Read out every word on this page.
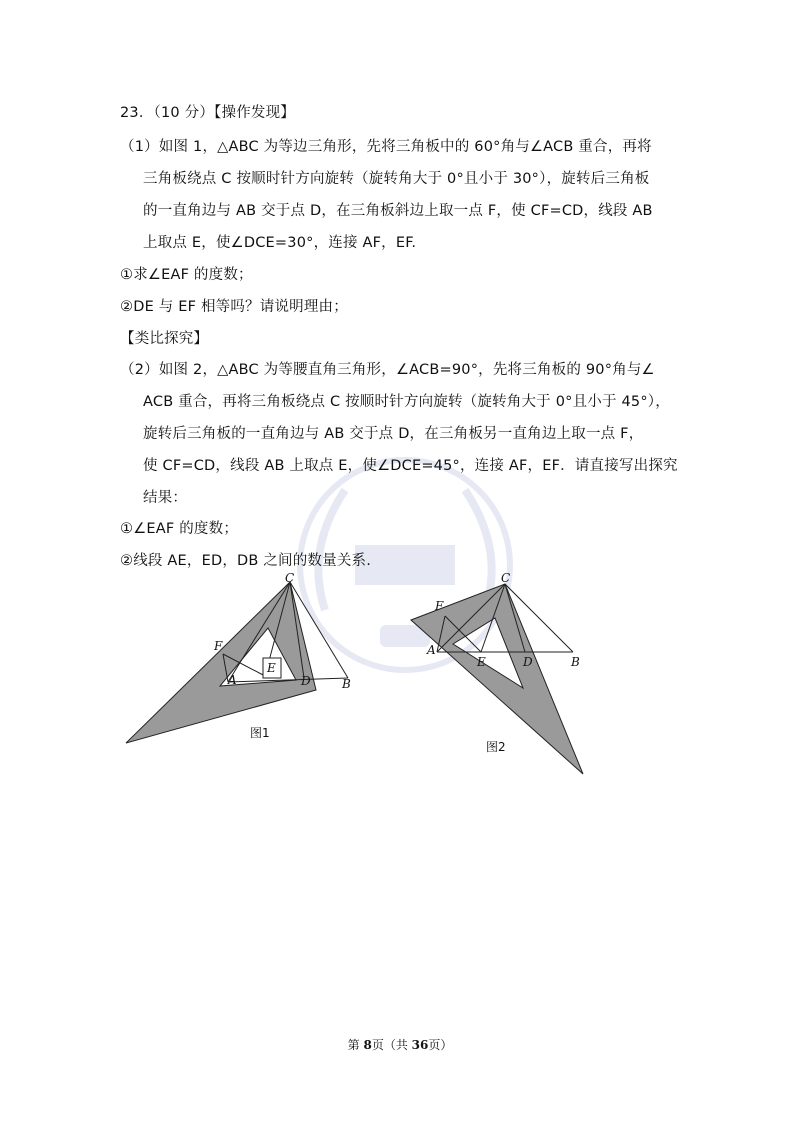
23．（10 分）【操作发现】
（1）如图 1，△ABC 为等边三角形，先将三角板中的 60°角与∠ACB 重合，再将
三角板绕点 C 按顺时针方向旋转（旋转角大于 0°且小于 30°），旋转后三角板
的一直角边与 AB 交于点 D，在三角板斜边上取一点 F，使 CF=CD，线段 AB
上取点 E，使∠DCE=30°，连接 AF，EF.
①求∠EAF 的度数；
②DE 与 EF 相等吗？请说明理由；
【类比探究】
（2）如图 2，△ABC 为等腰直角三角形，∠ACB=90°，先将三角板的 90°角与∠
ACB 重合，再将三角板绕点 C 按顺时针方向旋转（旋转角大于 0°且小于 45°），
旋转后三角板的一直角边与 AB 交于点 D，在三角板另一直角边上取一点 F，
使 CF=CD，线段 AB 上取点 E，使∠DCE=45°，连接 AF，EF．请直接写出探究
结果：
①∠EAF 的度数；
②线段 AE，ED，DB 之间的数量关系.
C
F
A
E
D	B
图1
C
F
A
E	D	B
图2
第 8页（共 36页）
